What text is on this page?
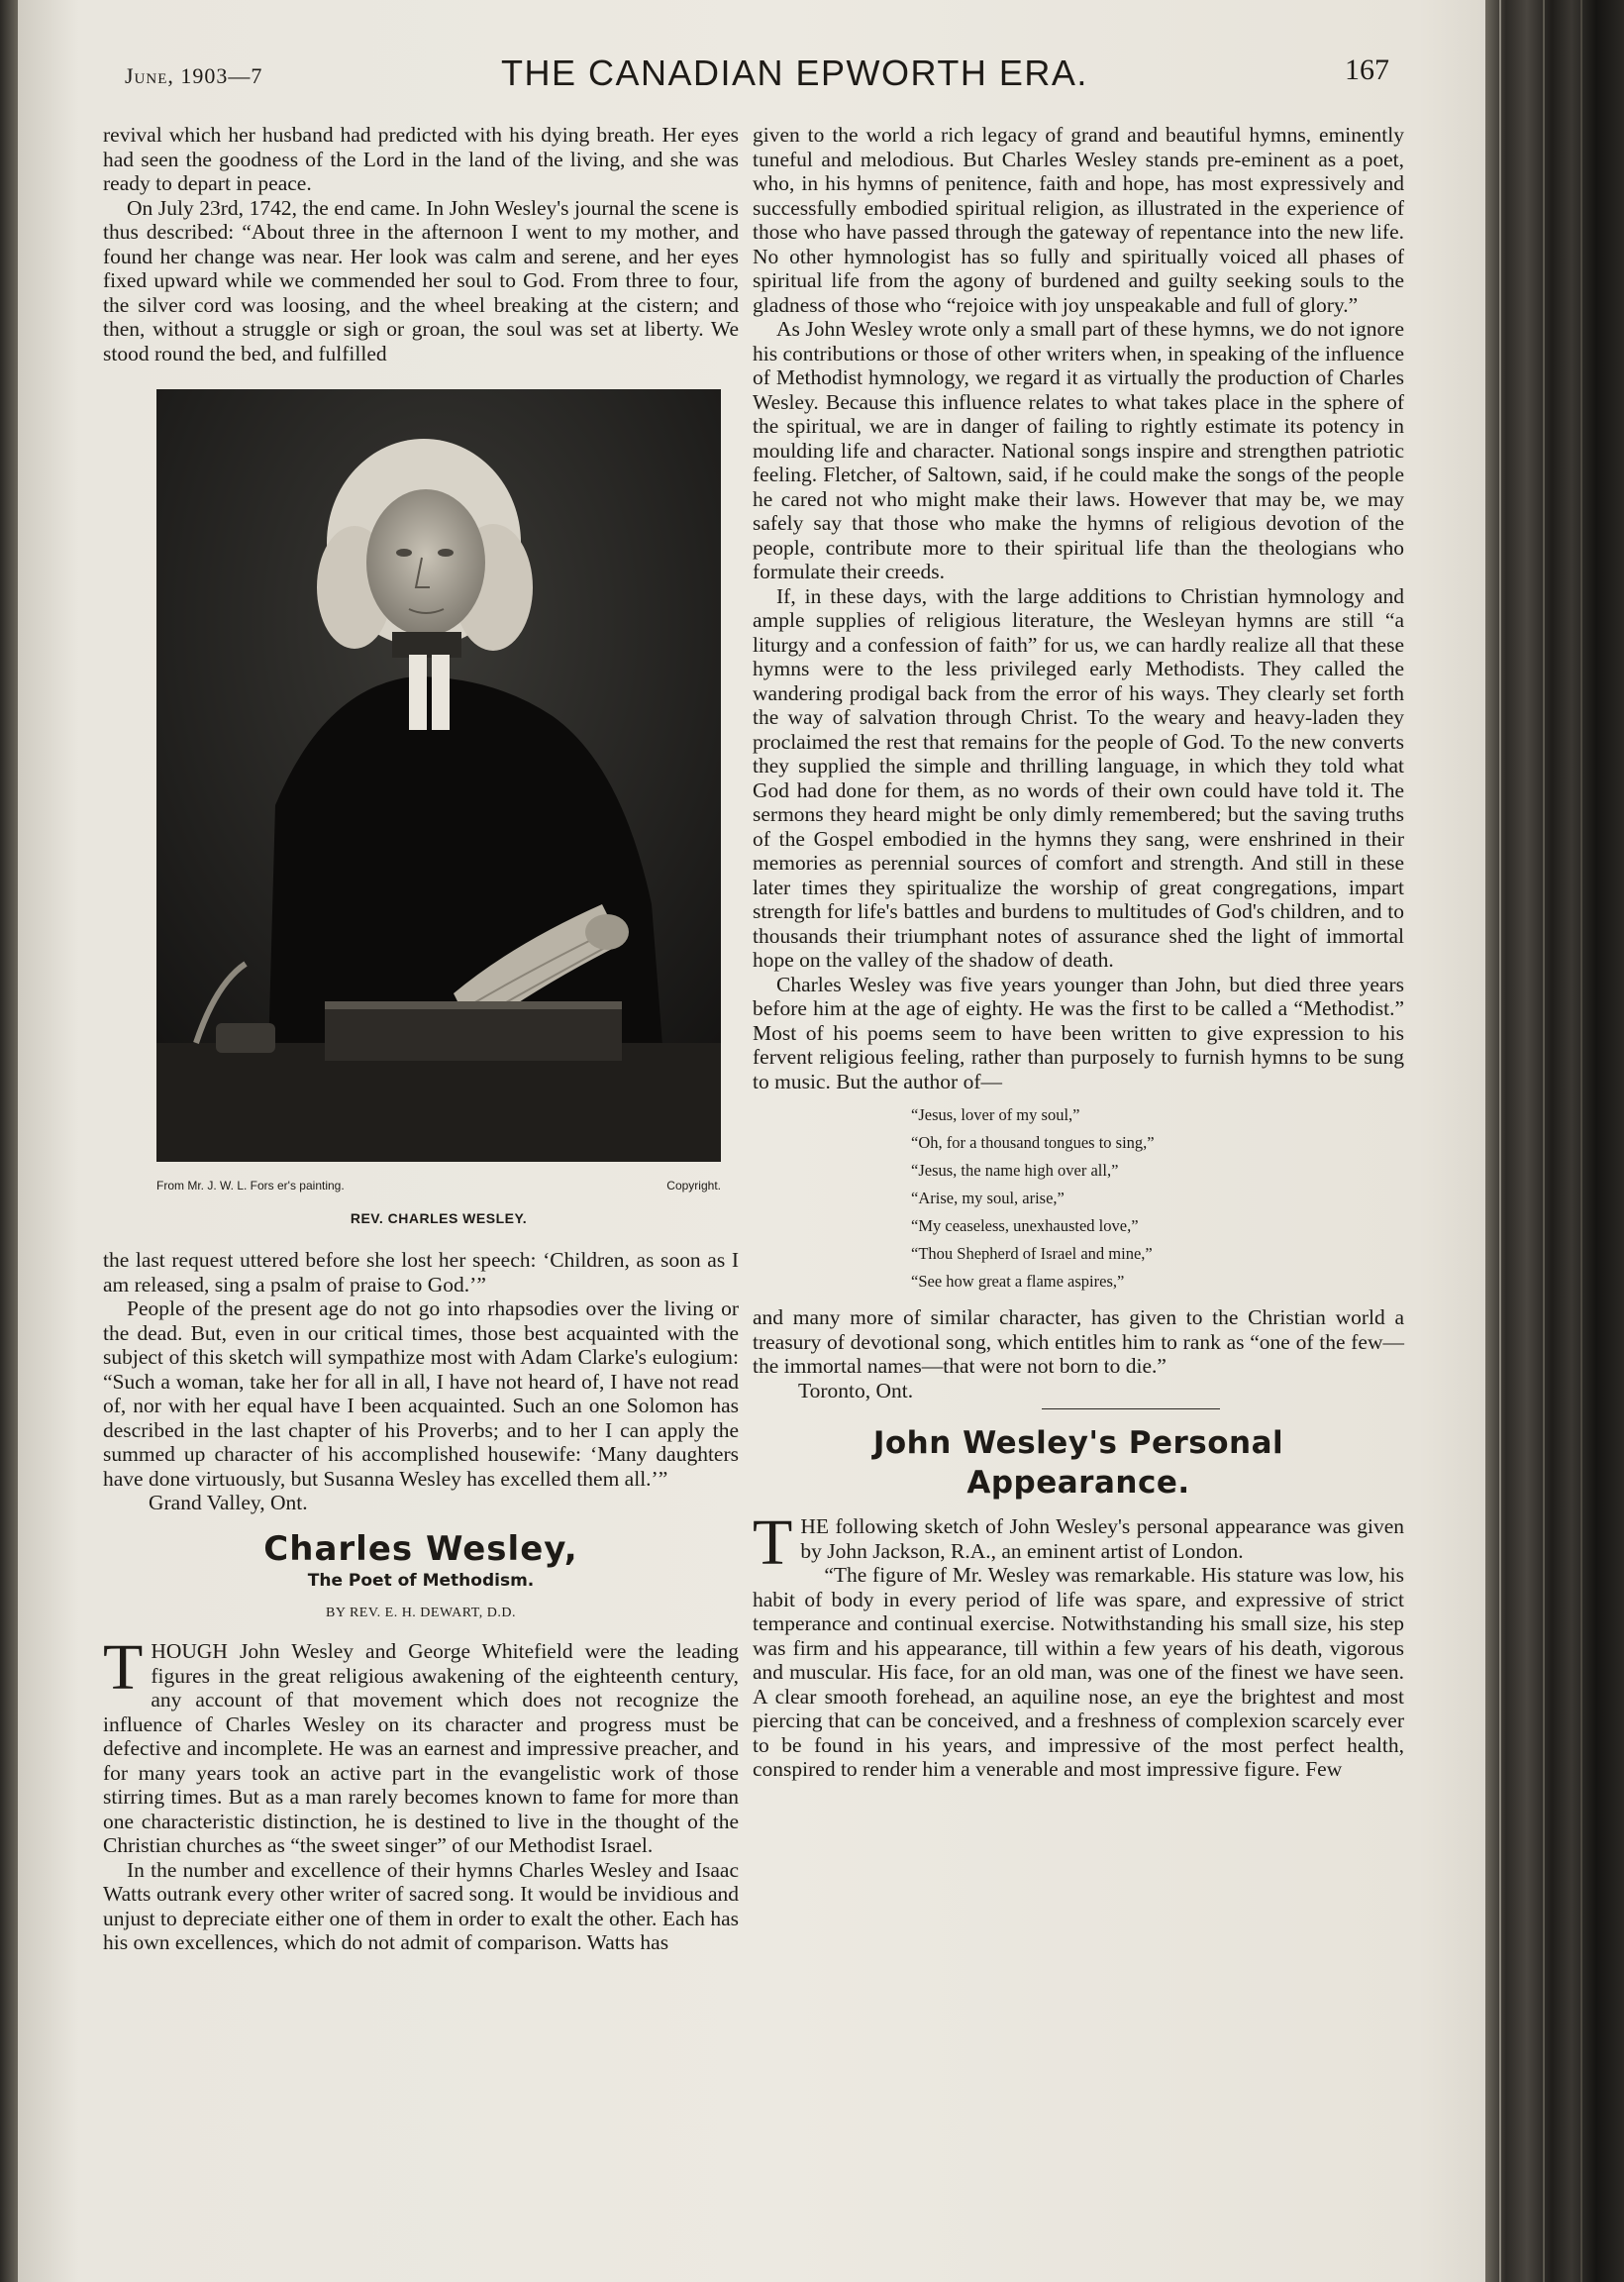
June, 1903—7	THE CANADIAN EPWORTH ERA.	167

revival which her husband had predicted with his dying breath. Her eyes had seen the goodness of the Lord in the land of the living, and she was ready to depart in peace.

On July 23rd, 1742, the end came. In John Wesley's journal the scene is thus described: “About three in the afternoon I went to my mother, and found her change was near. Her look was calm and serene, and her eyes fixed upward while we commended her soul to God. From three to four, the silver cord was loosing, and the wheel breaking at the cistern; and then, without a struggle or sigh or groan, the soul was set at liberty. We stood round the bed, and fulfilled

From Mr. J. W. L. Fors er's painting.	Copyright.
REV. CHARLES WESLEY.

the last request uttered before she lost her speech: ‘Children, as soon as I am released, sing a psalm of praise to God.’”

People of the present age do not go into rhapsodies over the living or the dead. But, even in our critical times, those best acquainted with the subject of this sketch will sympathize most with Adam Clarke's eulogium: “Such a woman, take her for all in all, I have not heard of, I have not read of, nor with her equal have I been acquainted. Such an one Solomon has described in the last chapter of his Proverbs; and to her I can apply the summed up character of his accomplished housewife: ‘Many daughters have done virtuously, but Susanna Wesley has excelled them all.’”

Grand Valley, Ont.

Charles Wesley,
The Poet of Methodism.
BY REV. E. H. DEWART, D.D.

THOUGH John Wesley and George Whitefield were the leading figures in the great religious awakening of the eighteenth century, any account of that movement which does not recognize the influence of Charles Wesley on its character and progress must be defective and incomplete. He was an earnest and impressive preacher, and for many years took an active part in the evangelistic work of those stirring times. But as a man rarely becomes known to fame for more than one characteristic distinction, he is destined to live in the thought of the Christian churches as “the sweet singer” of our Methodist Israel.

In the number and excellence of their hymns Charles Wesley and Isaac Watts outrank every other writer of sacred song. It would be invidious and unjust to depreciate either one of them in order to exalt the other. Each has his own excellences, which do not admit of comparison. Watts has

given to the world a rich legacy of grand and beautiful hymns, eminently tuneful and melodious. But Charles Wesley stands pre-eminent as a poet, who, in his hymns of penitence, faith and hope, has most expressively and successfully embodied spiritual religion, as illustrated in the experience of those who have passed through the gateway of repentance into the new life. No other hymnologist has so fully and spiritually voiced all phases of spiritual life from the agony of burdened and guilty seeking souls to the gladness of those who “rejoice with joy unspeakable and full of glory.”

As John Wesley wrote only a small part of these hymns, we do not ignore his contributions or those of other writers when, in speaking of the influence of Methodist hymnology, we regard it as virtually the production of Charles Wesley. Because this influence relates to what takes place in the sphere of the spiritual, we are in danger of failing to rightly estimate its potency in moulding life and character. National songs inspire and strengthen patriotic feeling. Fletcher, of Saltown, said, if he could make the songs of the people he cared not who might make their laws. However that may be, we may safely say that those who make the hymns of religious devotion of the people, contribute more to their spiritual life than the theologians who formulate their creeds.

If, in these days, with the large additions to Christian hymnology and ample supplies of religious literature, the Wesleyan hymns are still “a liturgy and a confession of faith” for us, we can hardly realize all that these hymns were to the less privileged early Methodists. They called the wandering prodigal back from the error of his ways. They clearly set forth the way of salvation through Christ. To the weary and heavy-laden they proclaimed the rest that remains for the people of God. To the new converts they supplied the simple and thrilling language, in which they told what God had done for them, as no words of their own could have told it. The sermons they heard might be only dimly remembered; but the saving truths of the Gospel embodied in the hymns they sang, were enshrined in their memories as perennial sources of comfort and strength. And still in these later times they spiritualize the worship of great congregations, impart strength for life's battles and burdens to multitudes of God's children, and to thousands their triumphant notes of assurance shed the light of immortal hope on the valley of the shadow of death.

Charles Wesley was five years younger than John, but died three years before him at the age of eighty. He was the first to be called a “Methodist.” Most of his poems seem to have been written to give expression to his fervent religious feeling, rather than purposely to furnish hymns to be sung to music. But the author of—

“Jesus, lover of my soul,”
“Oh, for a thousand tongues to sing,”
“Jesus, the name high over all,”
“Arise, my soul, arise,”
“My ceaseless, unexhausted love,”
“Thou Shepherd of Israel and mine,”
“See how great a flame aspires,”

and many more of similar character, has given to the Christian world a treasury of devotional song, which entitles him to rank as “one of the few—the immortal names—that were not born to die.”

Toronto, Ont.

John Wesley's Personal
Appearance.

THE following sketch of John Wesley's personal appearance was given by John Jackson, R.A., an eminent artist of London.

“The figure of Mr. Wesley was remarkable. His stature was low, his habit of body in every period of life was spare, and expressive of strict temperance and continual exercise. Notwithstanding his small size, his step was firm and his appearance, till within a few years of his death, vigorous and muscular. His face, for an old man, was one of the finest we have seen. A clear smooth forehead, an aquiline nose, an eye the brightest and most piercing that can be conceived, and a freshness of complexion scarcely ever to be found in his years, and impressive of the most perfect health, conspired to render him a venerable and most impressive figure. Few
